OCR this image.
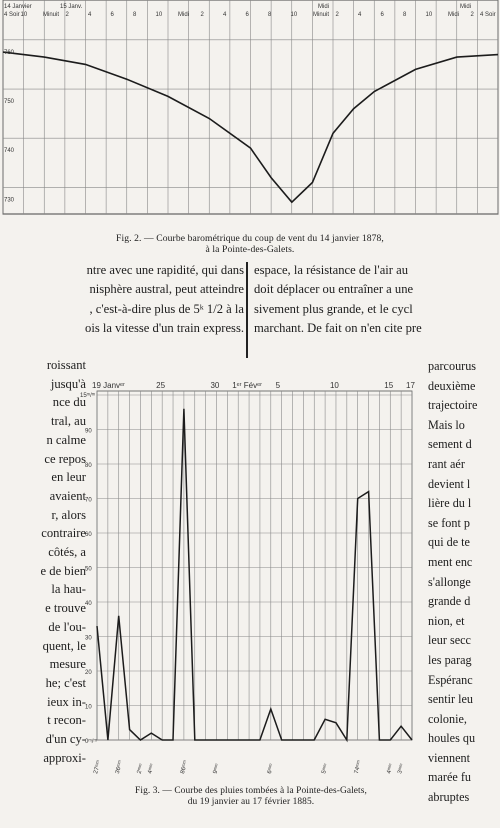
760
750
740
730
14 Janvier	15 Janv.	Midi	Midi
4 Soir 10	Minuit 2	4	6	8	10	Midi 2	4	6	8	10	Minuit 2	4	6	8	10	Midi 2 4 Soir
Fig. 2. — Courbe barométrique du coup de vent du 14 janvier 1878,
à la Pointe-des-Galets.
ntre avec une rapidité, qui dans
nisphère austral, peut atteindre
, c'est-à-dire plus de 5ᵏ 1/2 à la
ois la vitesse d'un train express.
espace, la résistance de l'air au
doit déplacer ou entraîner a une
sivement plus grande, et le cycl
marchant. De fait on n'en cite pre
roissant
jusqu'à
nce du
tral, au
n calme
ce repos
en leur
avaient
r, alors
contraire
côtés, a
e de bien
la hau-
e trouve
de l'ou-
quent, le
mesure
he; c'est
ieux in-
t recon-
d'un cy-
approxi-
parcourus
deuxième
trajectoire
Mais lo
sement d
rant aér
devient l
lière du l
se font p
qui de te
ment enc
s'allonge
grande d
nion, et
leur secc
les parag
Espéranc
sentir leu
colonie,
houles qu
viennent
marée fu
abruptes
19 Janvᵉʳ	25	30 1ᵉʳ Févᵉʳ 5	10	15 17
15ᵐ/ᵐ
90
80
70
60
50
40
30
20
10
0ᵐ/ᵐ
27ᵐᵐ 36ᵐᵐ 2ᵐᵐ 4ᵐᵐ	86ᵐᵐ	9ᵐᵐ	6ᵐᵐ	5ᵐᵐ	74ᵐᵐ	4ᵐᵐ 3ᵐᵐ
Fig. 3. — Courbe des pluies tombées à la Pointe-des-Galets,
du 19 janvier au 17 février 1885.
